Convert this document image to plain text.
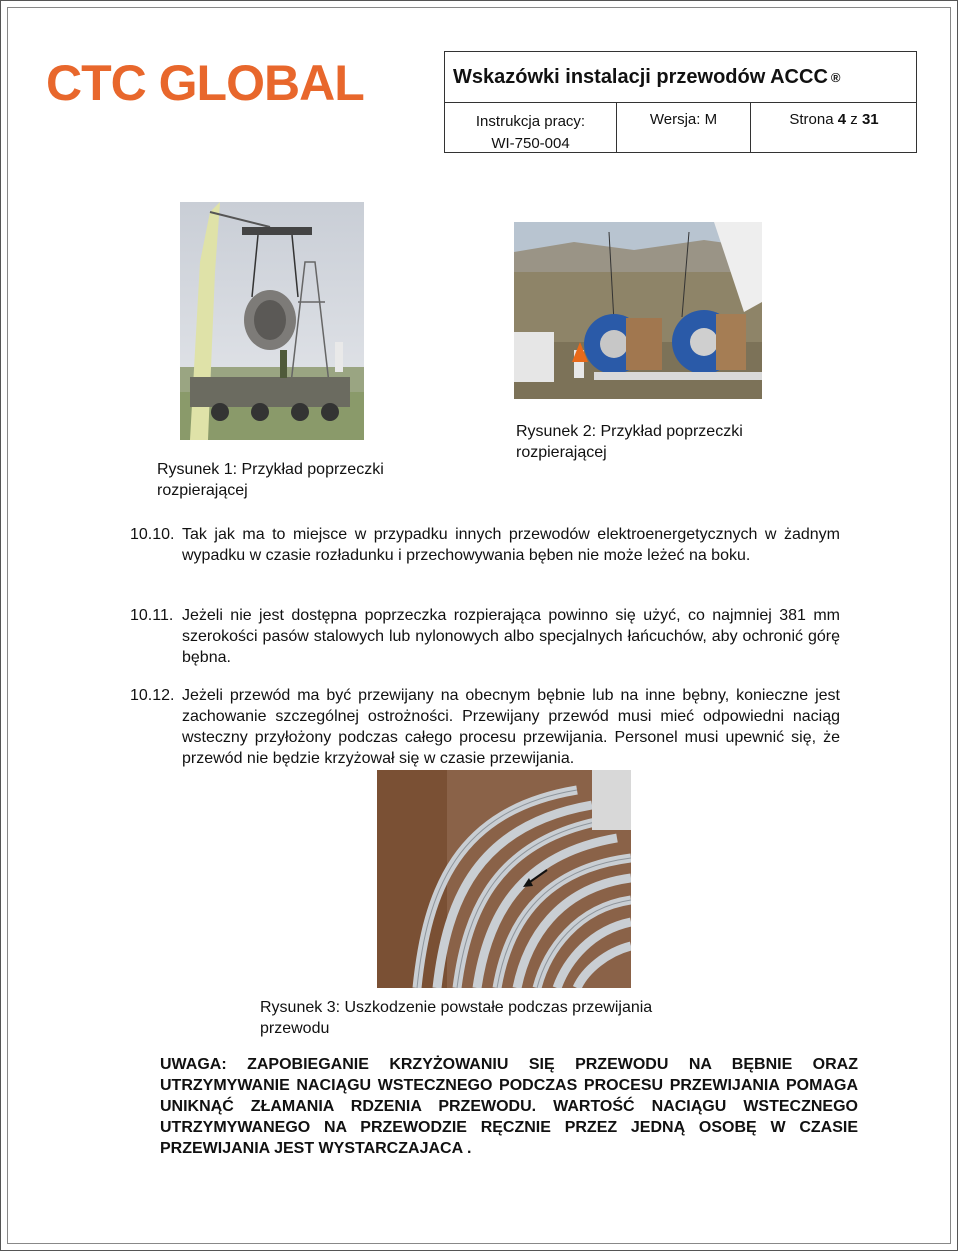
CTC GLOBAL	Wskazówki instalacji przewodów ACCC ®
Instrukcja pracy:
WI-750-004
Wersja: M	Strona 4 z 31
Rysunek 1: Przykład poprzeczki rozpierającej
Rysunek 2: Przykład poprzeczki rozpierającej
Rysunek 3: Uszkodzenie powstałe podczas przewijania przewodu
10.10. Tak jak ma to miejsce w przypadku innych przewodów elektroenergetycznych w żadnym wypadku w czasie rozładunku i przechowywania bęben nie może leżeć na boku.
10.11. Jeżeli nie jest dostępna poprzeczka rozpierająca powinno się użyć, co najmniej 381 mm szerokości pasów stalowych lub nylonowych albo specjalnych łańcuchów, aby ochronić górę bębna.
10.12. Jeżeli przewód ma być przewijany na obecnym bębnie lub na inne bębny, konieczne jest zachowanie szczególnej ostrożności. Przewijany przewód musi mieć odpowiedni naciąg wsteczny przyłożony podczas całego procesu przewijania. Personel musi upewnić się, że przewód nie będzie krzyżował się w czasie przewijania.
UWAGA: ZAPOBIEGANIE KRZYŻOWANIU SIĘ PRZEWODU NA BĘBNIE ORAZ UTRZYMYWANIE NACIĄGU WSTECZNEGO PODCZAS PROCESU PRZEWIJANIA POMAGA UNIKNĄĆ ZŁAMANIA RDZENIA PRZEWODU. WARTOŚĆ NACIĄGU WSTECZNEGO UTRZYMYWANEGO NA PRZEWODZIE RĘCZNIE PRZEZ JEDNĄ OSOBĘ W CZASIE PRZEWIJANIA JEST WYSTARCZAJACA .
